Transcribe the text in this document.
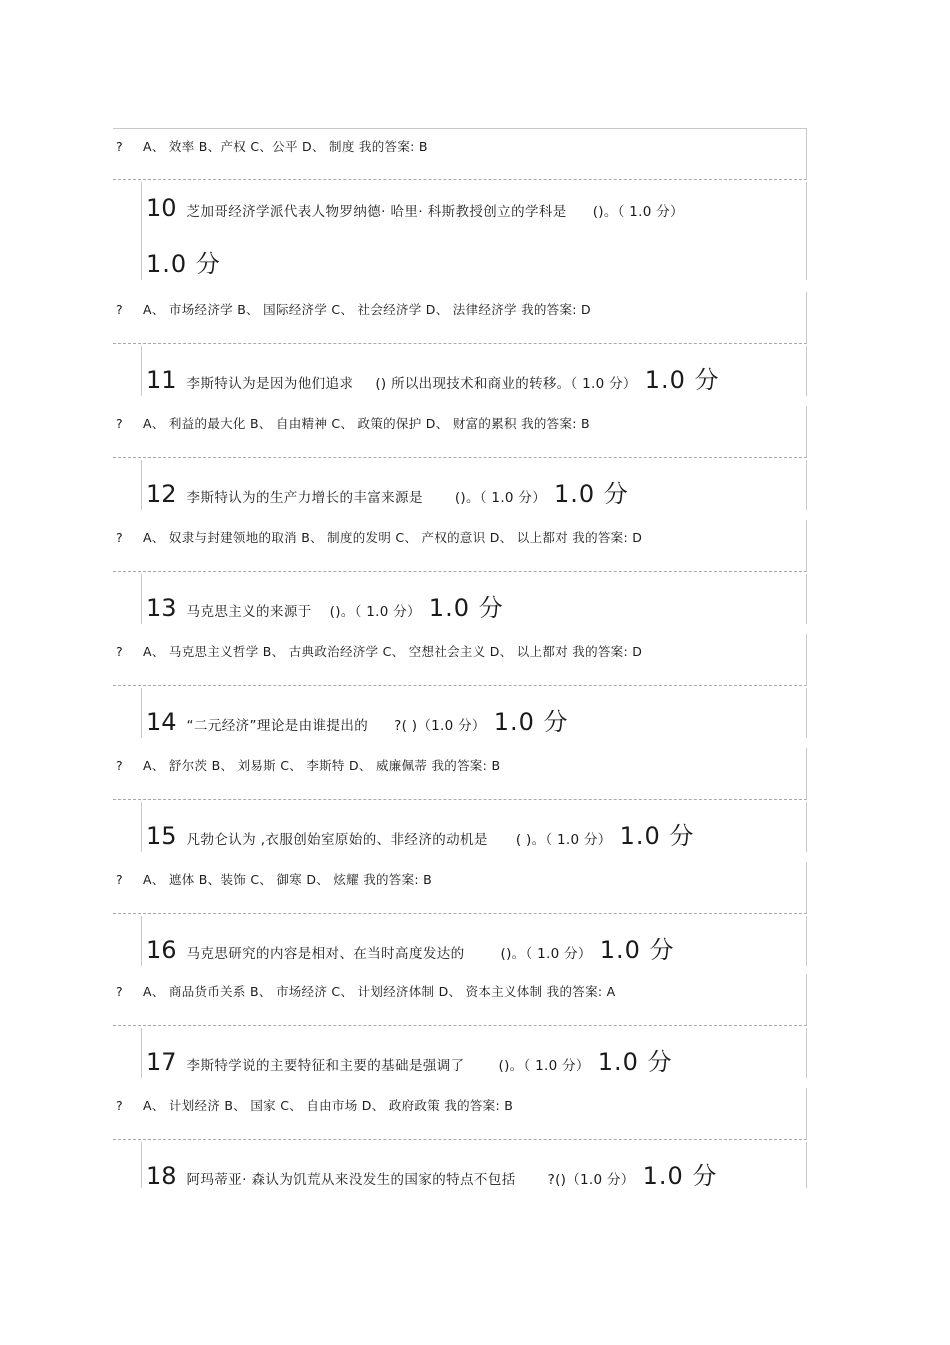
? A、 效率 B、产权 C、公平 D、 制度 我的答案: B
10 芝加哥经济学派代表人物罗纳德· 哈里· 科斯教授创立的学科是 ()。（ 1.0 分）
1.0 分
? A、 市场经济学 B、 国际经济学 C、 社会经济学 D、 法律经济学 我的答案: D
11 李斯特认为是因为他们追求 () 所以出现技术和商业的转移。（ 1.0 分） 1.0 分
? A、 利益的最大化 B、 自由精神 C、 政策的保护 D、 财富的累积 我的答案: B
12 李斯特认为的生产力增长的丰富来源是 ()。（ 1.0 分） 1.0 分
? A、 奴隶与封建领地的取消 B、 制度的发明 C、 产权的意识 D、 以上都对 我的答案: D
13 马克思主义的来源于 ()。（ 1.0 分） 1.0 分
? A、 马克思主义哲学 B、 古典政治经济学 C、 空想社会主义 D、 以上都对 我的答案: D
14 “二元经济”理论是由谁提出的 ?( )（1.0 分） 1.0 分
? A、 舒尔茨 B、 刘易斯 C、 李斯特 D、 威廉佩蒂 我的答案: B
15 凡勃仑认为 ,衣服创始室原始的、非经济的动机是 ( )。（ 1.0 分） 1.0 分
? A、 遮体 B、装饰 C、 御寒 D、 炫耀 我的答案: B
16 马克思研究的内容是相对、在当时高度发达的	()。（ 1.0 分） 1.0 分
? A、 商品货币关系 B、 市场经济 C、 计划经济体制 D、 资本主义体制 我的答案: A
17 李斯特学说的主要特征和主要的基础是强调了	()。（ 1.0 分） 1.0 分
? A、 计划经济 B、 国家 C、 自由市场 D、 政府政策 我的答案: B
18 阿玛蒂亚· 森认为饥荒从来没发生的国家的特点不包括 ?()（1.0 分） 1.0 分
